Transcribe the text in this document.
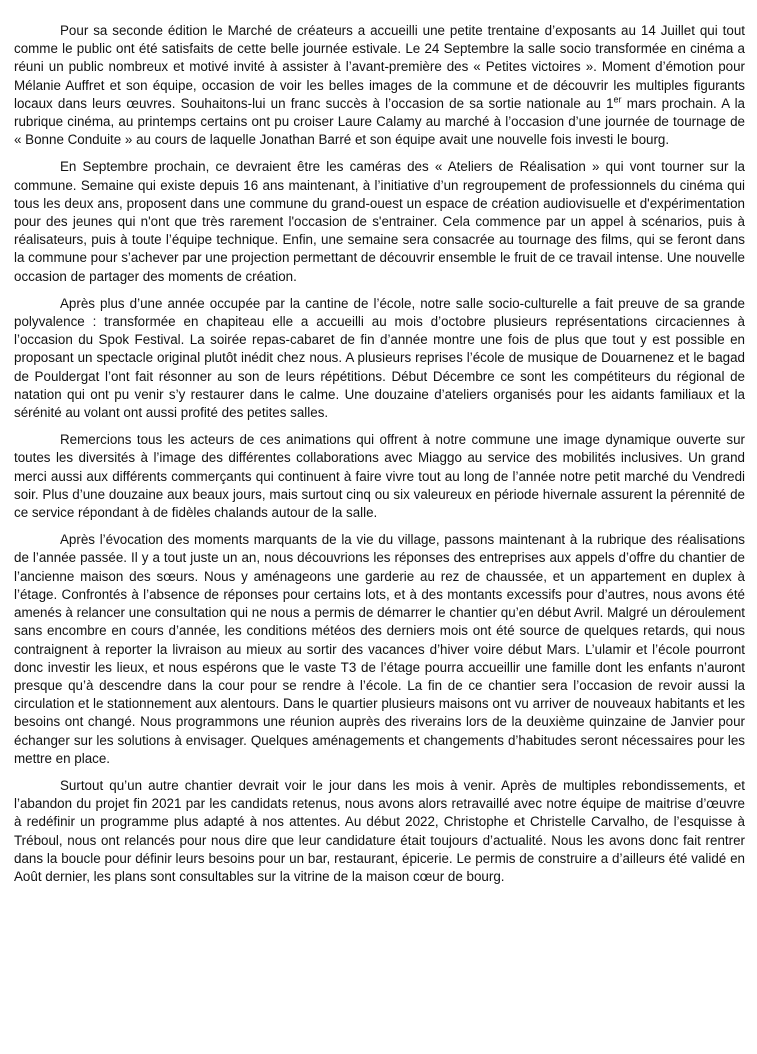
Pour sa seconde édition le Marché de créateurs a accueilli une petite trentaine d’exposants au 14 Juillet qui tout comme le public ont été satisfaits de cette belle journée estivale. Le 24 Septembre la salle socio transformée en cinéma a réuni un public nombreux et motivé invité à assister à l’avant-première des « Petites victoires ». Moment d’émotion pour Mélanie Auffret et son équipe, occasion de voir les belles images de la commune et de découvrir les multiples figurants locaux dans leurs œuvres. Souhaitons-lui un franc succès à l’occasion de sa sortie nationale au 1er mars prochain. A la rubrique cinéma, au printemps certains ont pu croiser Laure Calamy au marché à l’occasion d’une journée de tournage de « Bonne Conduite » au cours de laquelle Jonathan Barré et son équipe avait une nouvelle fois investi le bourg.

En Septembre prochain, ce devraient être les caméras des « Ateliers de Réalisation » qui vont tourner sur la commune. Semaine qui existe depuis 16 ans maintenant, à l’initiative d’un regroupement de professionnels du cinéma qui tous les deux ans, proposent dans une commune du grand-ouest un espace de création audiovisuelle et d'expérimentation pour des jeunes qui n'ont que très rarement l'occasion de s'entrainer. Cela commence par un appel à scénarios, puis à réalisateurs, puis à toute l’équipe technique. Enfin, une semaine sera consacrée au tournage des films, qui se feront dans la commune pour s’achever par une projection permettant de découvrir ensemble le fruit de ce travail intense. Une nouvelle occasion de partager des moments de création.

Après plus d’une année occupée par la cantine de l’école, notre salle socio-culturelle a fait preuve de sa grande polyvalence : transformée en chapiteau elle a accueilli au mois d’octobre plusieurs représentations circaciennes à l’occasion du Spok Festival. La soirée repas-cabaret de fin d’année montre une fois de plus que tout y est possible en proposant un spectacle original plutôt inédit chez nous. A plusieurs reprises l’école de musique de Douarnenez et le bagad de Pouldergat l’ont fait résonner au son de leurs répétitions. Début Décembre ce sont les compétiteurs du régional de natation qui ont pu venir s’y restaurer dans le calme. Une douzaine d’ateliers organisés pour les aidants familiaux et la sérénité au volant ont aussi profité des petites salles.

Remercions tous les acteurs de ces animations qui offrent à notre commune une image dynamique ouverte sur toutes les diversités à l’image des différentes collaborations avec Miaggo au service des mobilités inclusives. Un grand merci aussi aux différents commerçants qui continuent à faire vivre tout au long de l’année notre petit marché du Vendredi soir. Plus d’une douzaine aux beaux jours, mais surtout cinq ou six valeureux en période hivernale assurent la pérennité de ce service répondant à de fidèles chalands autour de la salle.

Après l’évocation des moments marquants de la vie du village, passons maintenant à la rubrique des réalisations de l’année passée. Il y a tout juste un an, nous découvrions les réponses des entreprises aux appels d’offre du chantier de l’ancienne maison des sœurs. Nous y aménageons une garderie au rez de chaussée, et un appartement en duplex à l’étage. Confrontés à l’absence de réponses pour certains lots, et à des montants excessifs pour d’autres, nous avons été amenés à relancer une consultation qui ne nous a permis de démarrer le chantier qu’en début Avril. Malgré un déroulement sans encombre en cours d’année, les conditions météos des derniers mois ont été source de quelques retards, qui nous contraignent à reporter la livraison au mieux au sortir des vacances d’hiver voire début Mars. L’ulamir et l’école pourront donc investir les lieux, et nous espérons que le vaste T3 de l’étage pourra accueillir une famille dont les enfants n’auront presque qu’à descendre dans la cour pour se rendre à l’école. La fin de ce chantier sera l’occasion de revoir aussi la circulation et le stationnement aux alentours. Dans le quartier plusieurs maisons ont vu arriver de nouveaux habitants et les besoins ont changé. Nous programmons une réunion auprès des riverains lors de la deuxième quinzaine de Janvier pour échanger sur les solutions à envisager. Quelques aménagements et changements d’habitudes seront nécessaires pour les mettre en place.

Surtout qu’un autre chantier devrait voir le jour dans les mois à venir. Après de multiples rebondissements, et l’abandon du projet fin 2021 par les candidats retenus, nous avons alors retravaillé avec notre équipe de maitrise d’œuvre à redéfinir un programme plus adapté à nos attentes. Au début 2022, Christophe et Christelle Carvalho, de l’esquisse à Tréboul, nous ont relancés pour nous dire que leur candidature était toujours d’actualité. Nous les avons donc fait rentrer dans la boucle pour définir leurs besoins pour un bar, restaurant, épicerie. Le permis de construire a d’ailleurs été validé en Août dernier, les plans sont consultables sur la vitrine de la maison cœur de bourg.
